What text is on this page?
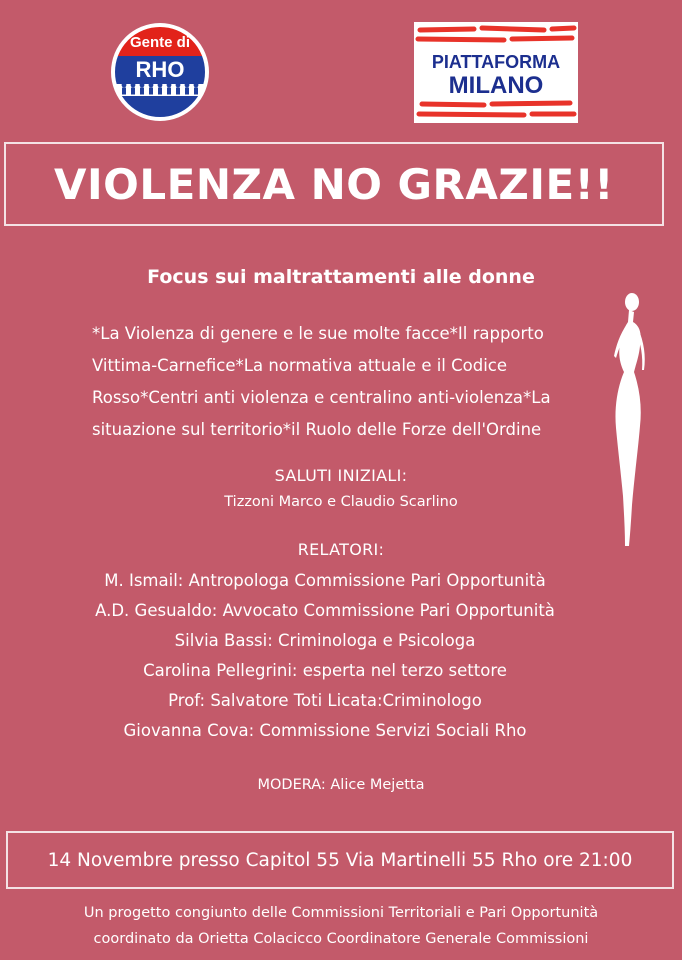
Gente di
RHO	PIATTAFORMA
MILANO
VIOLENZA NO GRAZIE!!
Focus sui maltrattamenti alle donne
*La Violenza di genere e le sue molte facce*Il rapporto
Vittima-Carnefice*La normativa attuale e il Codice
Rosso*Centri anti violenza e centralino anti-violenza*La
situazione sul territorio*il Ruolo delle Forze dell'Ordine
SALUTI INIZIALI:
Tizzoni Marco e Claudio Scarlino
RELATORI:
M. Ismail: Antropologa Commissione Pari Opportunità
A.D. Gesualdo: Avvocato Commissione Pari Opportunità
Silvia Bassi: Criminologa e Psicologa
Carolina Pellegrini: esperta nel terzo settore
Prof: Salvatore Toti Licata:Criminologo
Giovanna Cova: Commissione Servizi Sociali Rho
MODERA: Alice Mejetta
14 Novembre presso Capitol 55 Via Martinelli 55 Rho ore 21:00
Un progetto congiunto delle Commissioni Territoriali e Pari Opportunità
coordinato da Orietta Colacicco Coordinatore Generale Commissioni
